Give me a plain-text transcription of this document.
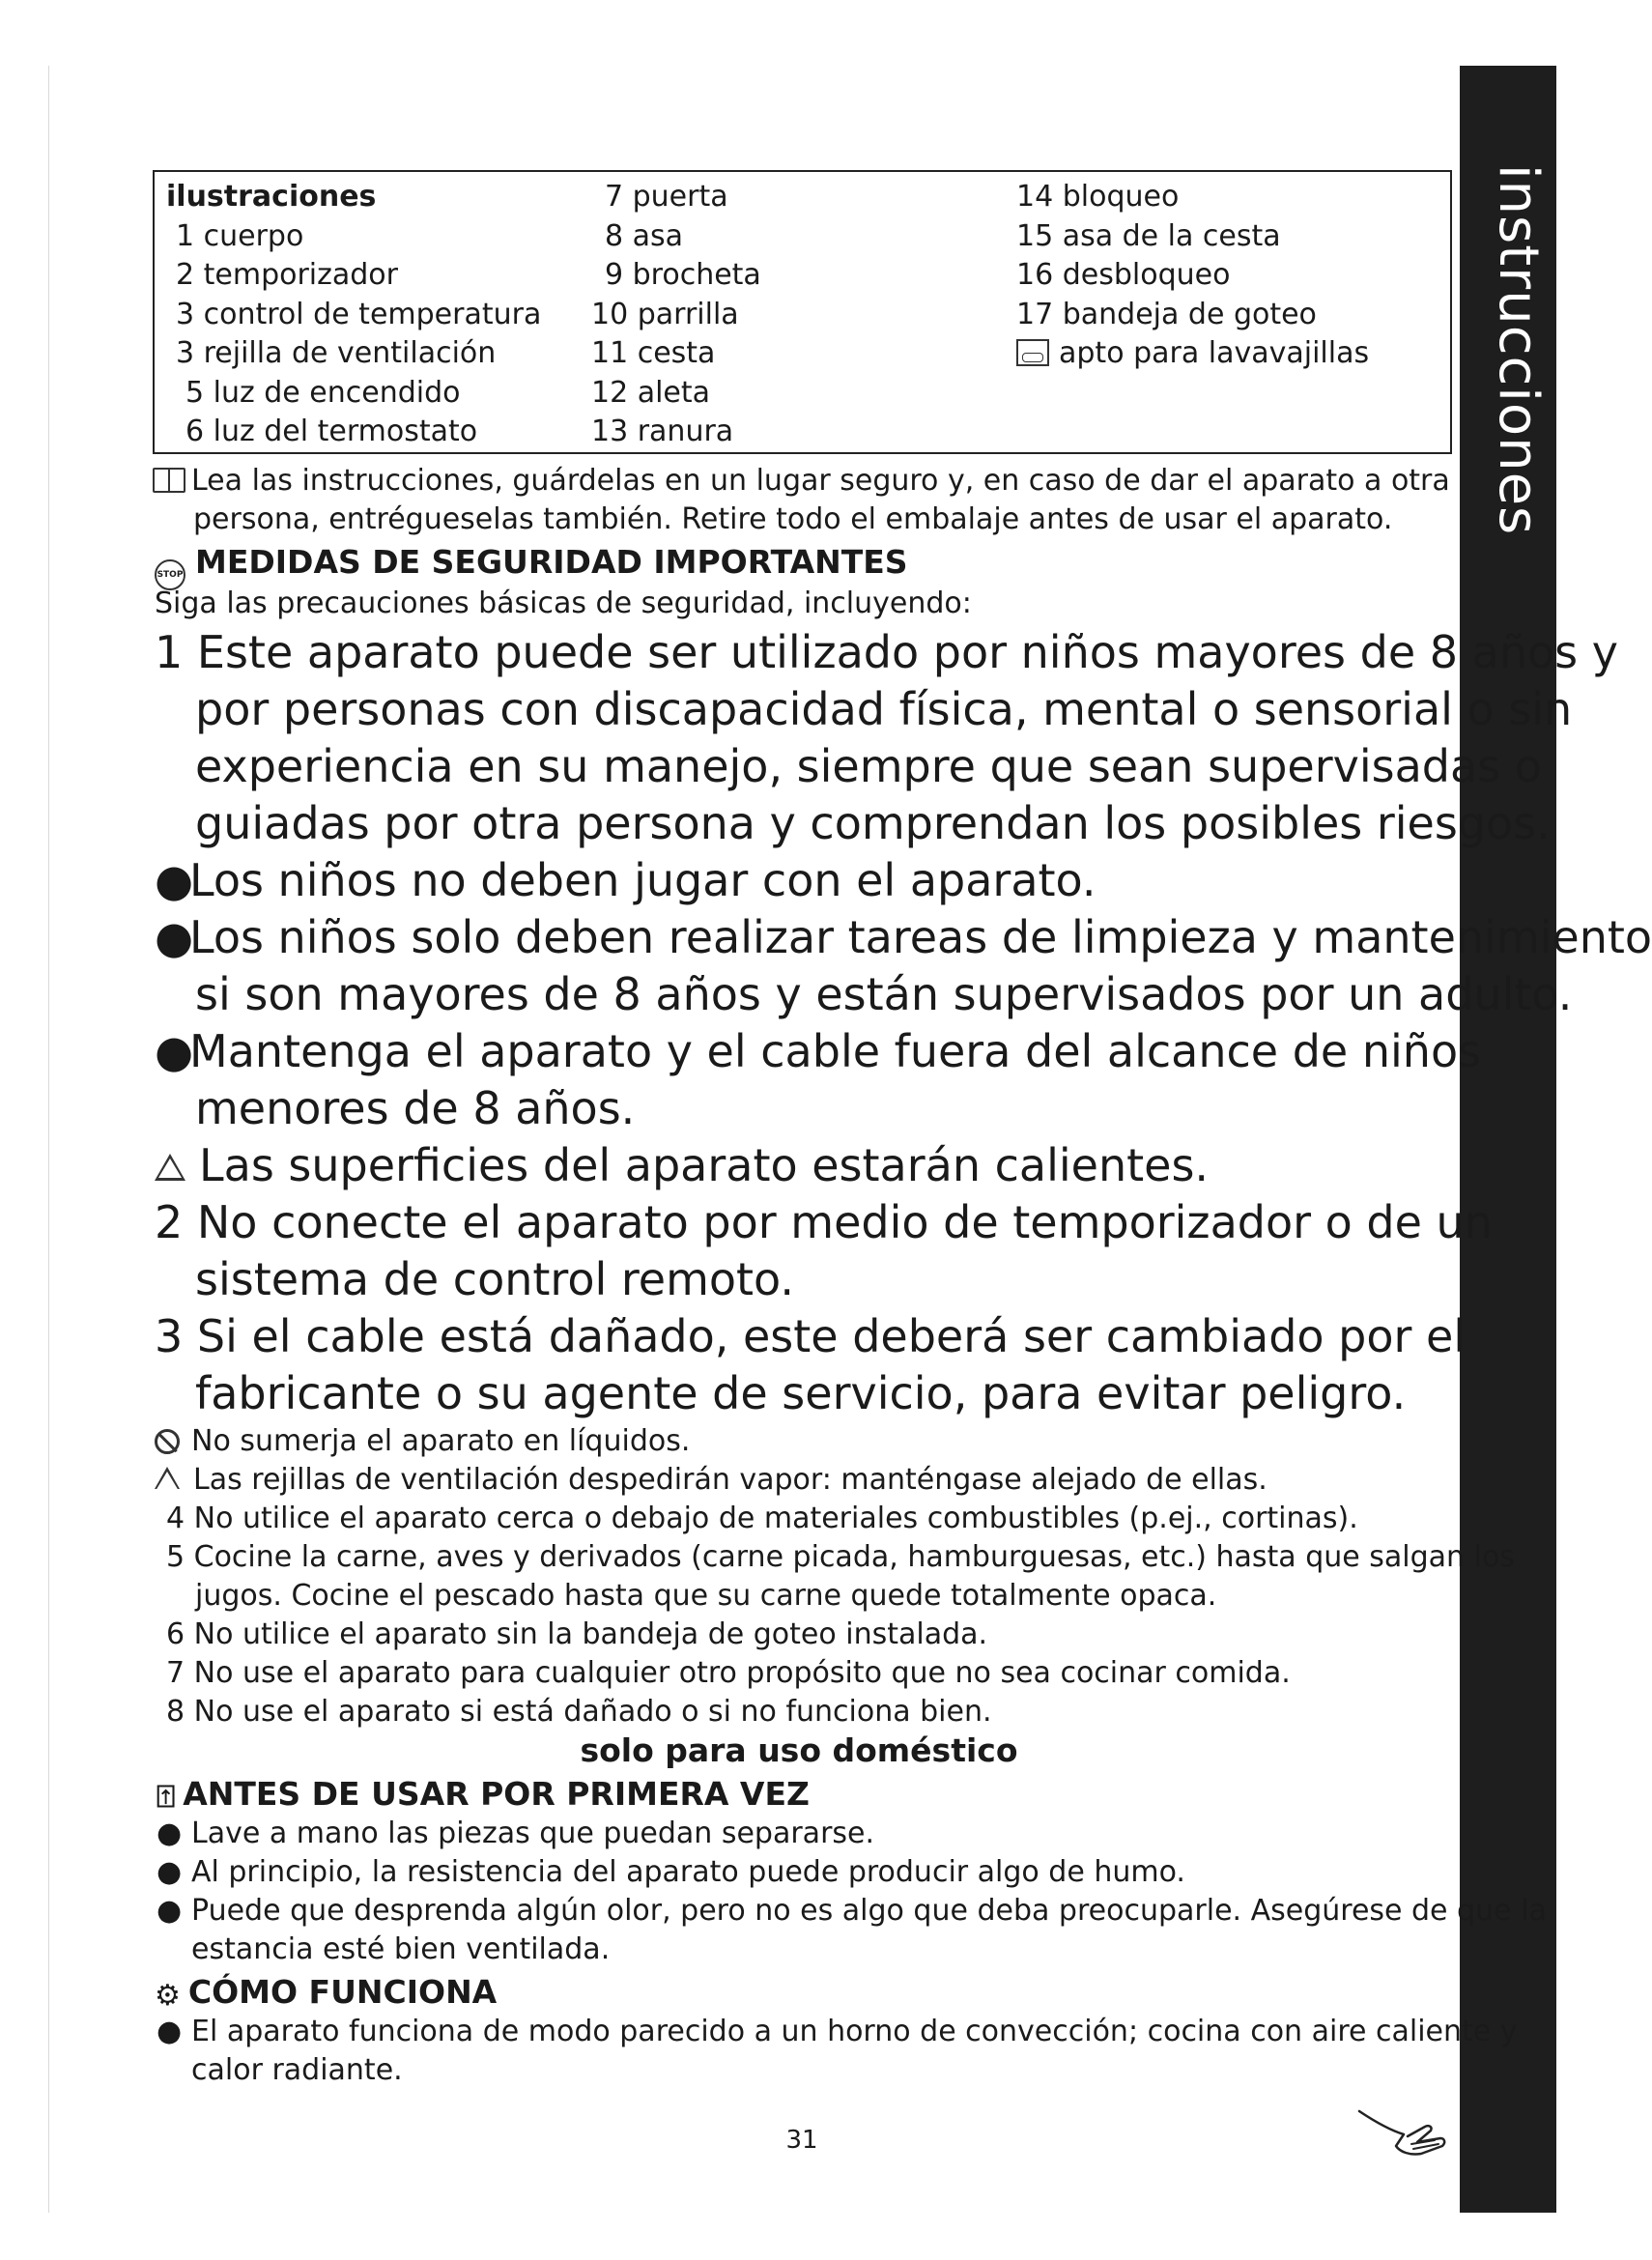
instrucciones
ilustraciones
1 cuerpo
2 temporizador
3 control de temperatura
3 rejilla de ventilación
5 luz de encendido
6 luz del termostato
7 puerta
8 asa
9 brocheta
10 parrilla
11 cesta
12 aleta
13 ranura
14 bloqueo
15 asa de la cesta
16 desbloqueo
17 bandeja de goteo
apto para lavavajillas
Lea las instrucciones, guárdelas en un lugar seguro y, en caso de dar el aparato a otra
persona, entrégueselas también. Retire todo el embalaje antes de usar el aparato.
STOP MEDIDAS DE SEGURIDAD IMPORTANTES
Siga las precauciones básicas de seguridad, incluyendo:
1 Este aparato puede ser utilizado por niños mayores de 8 años y
por personas con discapacidad física, mental o sensorial o sin
experiencia en su manejo, siempre que sean supervisadas o
guiadas por otra persona y comprendan los posibles riesgos.
●Los niños no deben jugar con el aparato.
●Los niños solo deben realizar tareas de limpieza y mantenimiento
si son mayores de 8 años y están supervisados por un adulto.
●Mantenga el aparato y el cable fuera del alcance de niños
menores de 8 años.
Las superficies del aparato estarán calientes.
2 No conecte el aparato por medio de temporizador o de un
sistema de control remoto.
3 Si el cable está dañado, este deberá ser cambiado por el
fabricante o su agente de servicio, para evitar peligro.
No sumerja el aparato en líquidos.
Las rejillas de ventilación despedirán vapor: manténgase alejado de ellas.
4 No utilice el aparato cerca o debajo de materiales combustibles (p.ej., cortinas).
5 Cocine la carne, aves y derivados (carne picada, hamburguesas, etc.) hasta que salgan los
jugos. Cocine el pescado hasta que su carne quede totalmente opaca.
6 No utilice el aparato sin la bandeja de goteo instalada.
7 No use el aparato para cualquier otro propósito que no sea cocinar comida.
8 No use el aparato si está dañado o si no funciona bien.
solo para uso doméstico
⍐ ANTES DE USAR POR PRIMERA VEZ
● Lave a mano las piezas que puedan separarse.
● Al principio, la resistencia del aparato puede producir algo de humo.
● Puede que desprenda algún olor, pero no es algo que deba preocuparle. Asegúrese de que la
estancia esté bien ventilada.
⚙ CÓMO FUNCIONA
● El aparato funciona de modo parecido a un horno de convección; cocina con aire caliente y
calor radiante.
31
